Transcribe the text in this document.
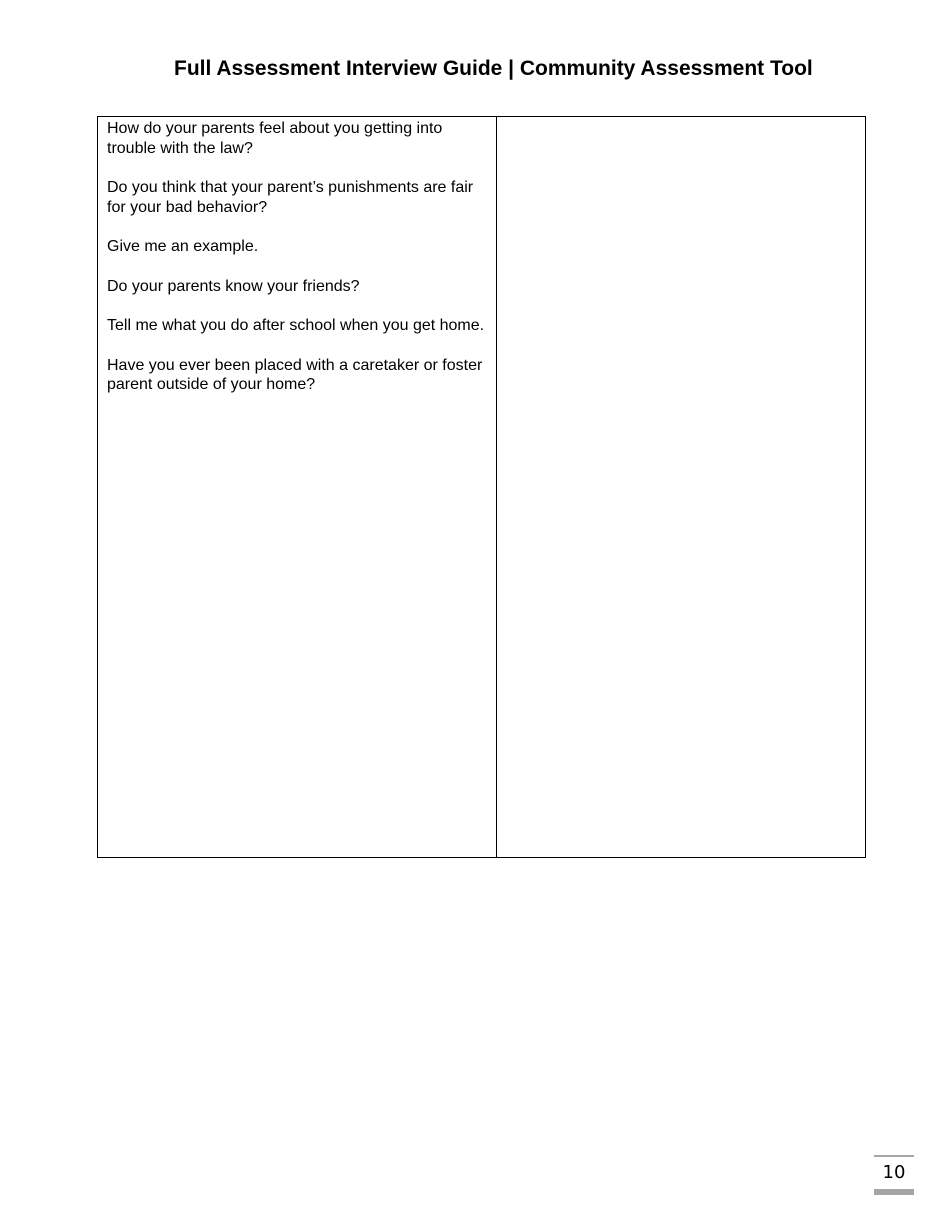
Full Assessment Interview Guide | Community Assessment Tool

How do your parents feel about you getting into trouble with the law?

Do you think that your parent’s punishments are fair for your bad behavior?

Give me an example.

Do your parents know your friends?

Tell me what you do after school when you get home.

Have you ever been placed with a caretaker or foster parent outside of your home?

10
